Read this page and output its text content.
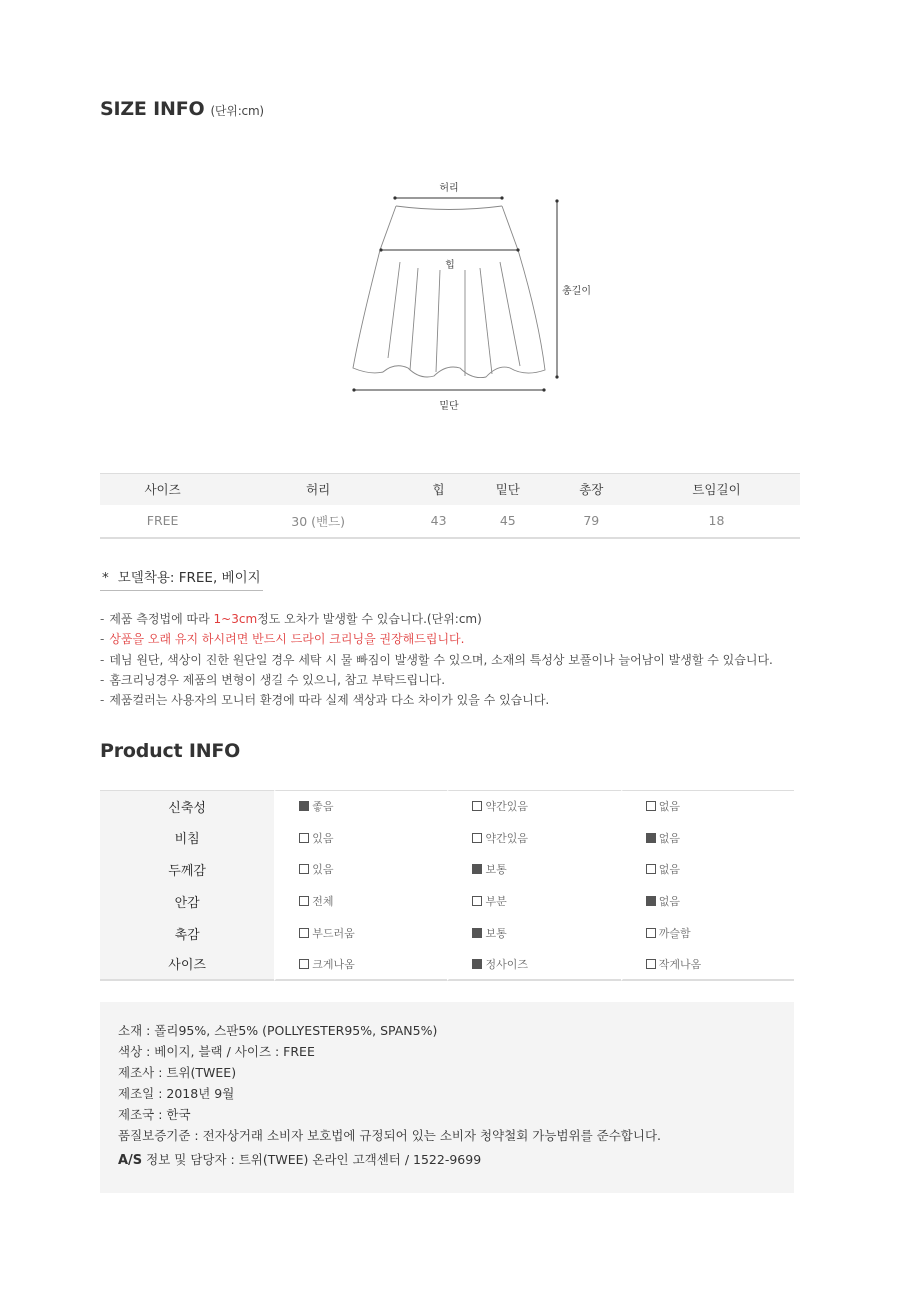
SIZE INFO (단위:cm)
허리
힙
총길이
밑단
사이즈	허리	힙	밑단	총장	트임길이
FREE	30 (밴드)	43	45	79	18
* 모델착용: FREE, 베이지
- 제품 측정법에 따라 1~3cm정도 오차가 발생할 수 있습니다.(단위:cm)
- 상품을 오래 유지 하시려면 반드시 드라이 크리닝을 권장해드립니다.
- 데님 원단, 색상이 진한 원단일 경우 세탁 시 물 빠짐이 발생할 수 있으며, 소재의 특성상 보풀이나 늘어남이 발생할 수 있습니다.
- 홈크리닝경우 제품의 변형이 생길 수 있으니, 참고 부탁드립니다.
- 제품컬러는 사용자의 모니터 환경에 따라 실제 색상과 다소 차이가 있을 수 있습니다.
Product INFO
신축성	좋음	약간있음	없음
비침	있음	약간있음	없음
두께감	있음	보통	없음
안감	전체	부분	없음
촉감	부드러움	보통	까슬함
사이즈	크게나옴	정사이즈	작게나옴
소재 : 폴리95%, 스판5% (POLLYESTER95%, SPAN5%)
색상 : 베이지, 블랙 / 사이즈 : FREE
제조사 : 트위(TWEE)
제조일 : 2018년 9월
제조국 : 한국
품질보증기준 : 전자상거래 소비자 보호법에 규정되어 있는 소비자 청약철회 가능범위를 준수합니다.
A/S 정보 및 담당자 : 트위(TWEE) 온라인 고객센터 / 1522-9699
